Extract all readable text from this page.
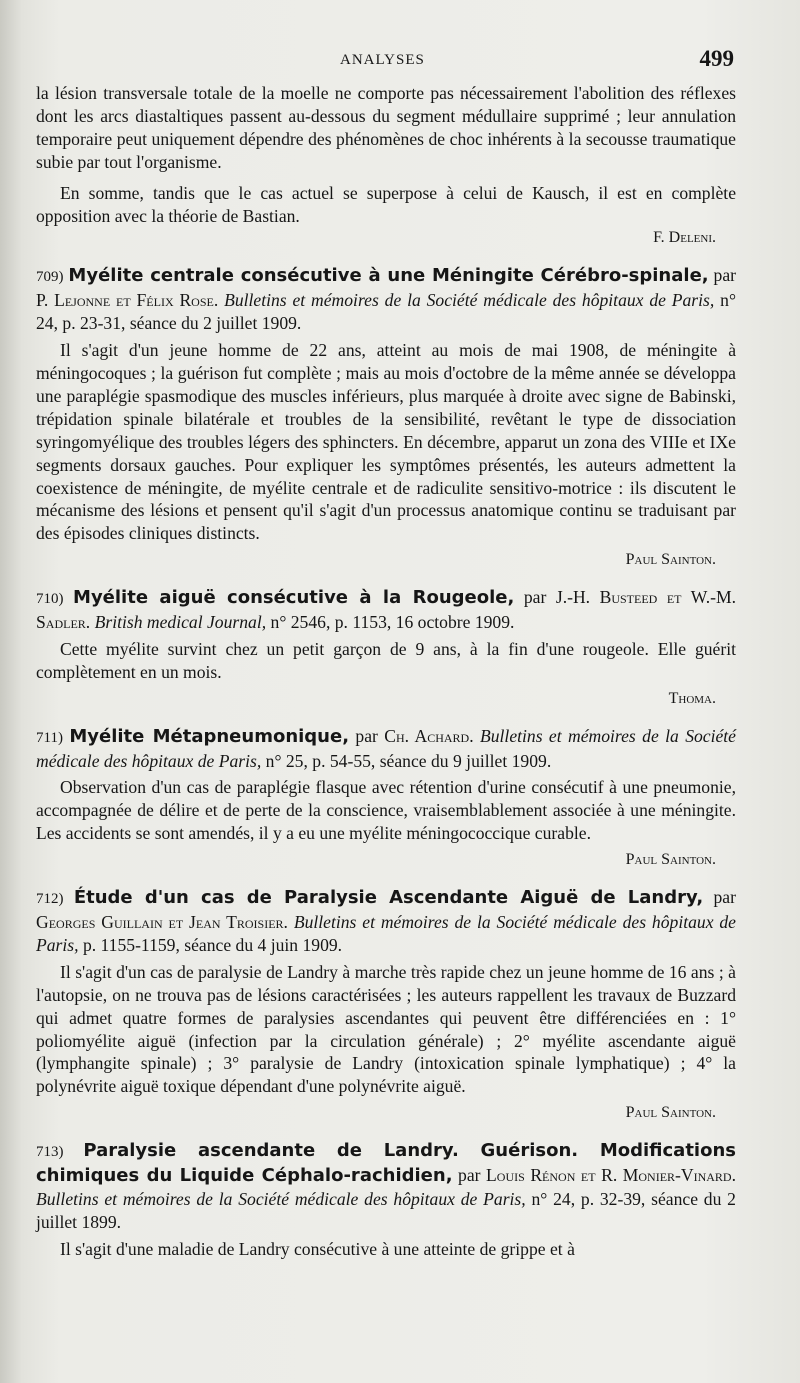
ANALYSES	499

la lésion transversale totale de la moelle ne comporte pas nécessairement l'abolition des réflexes dont les arcs diastaltiques passent au-dessous du segment médullaire supprimé ; leur annulation temporaire peut uniquement dépendre des phénomènes de choc inhérents à la secousse traumatique subie par tout l'organisme.

En somme, tandis que le cas actuel se superpose à celui de Kausch, il est en complète opposition avec la théorie de Bastian.

F. Deleni.

709) Myélite centrale consécutive à une Méningite Cérébro-spinale, par P. Lejonne et Félix Rose. Bulletins et mémoires de la Société médicale des hôpitaux de Paris, n° 24, p. 23-31, séance du 2 juillet 1909.

Il s'agit d'un jeune homme de 22 ans, atteint au mois de mai 1908, de méningite à méningocoques ; la guérison fut complète ; mais au mois d'octobre de la même année se développa une paraplégie spasmodique des muscles inférieurs, plus marquée à droite avec signe de Babinski, trépidation spinale bilatérale et troubles de la sensibilité, revêtant le type de dissociation syringomyélique des troubles légers des sphincters. En décembre, apparut un zona des VIIIe et IXe segments dorsaux gauches. Pour expliquer les symptômes présentés, les auteurs admettent la coexistence de méningite, de myélite centrale et de radiculite sensitivo-motrice : ils discutent le mécanisme des lésions et pensent qu'il s'agit d'un processus anatomique continu se traduisant par des épisodes cliniques distincts.

Paul Sainton.

710) Myélite aiguë consécutive à la Rougeole, par J.-H. Busteed et W.-M. Sadler. British medical Journal, n° 2546, p. 1153, 16 octobre 1909.

Cette myélite survint chez un petit garçon de 9 ans, à la fin d'une rougeole. Elle guérit complètement en un mois.

Thoma.

711) Myélite Métapneumonique, par Ch. Achard. Bulletins et mémoires de la Société médicale des hôpitaux de Paris, n° 25, p. 54-55, séance du 9 juillet 1909.

Observation d'un cas de paraplégie flasque avec rétention d'urine consécutif à une pneumonie, accompagnée de délire et de perte de la conscience, vraisemblablement associée à une méningite. Les accidents se sont amendés, il y a eu une myélite méningococcique curable.

Paul Sainton.

712) Étude d'un cas de Paralysie Ascendante Aiguë de Landry, par Georges Guillain et Jean Troisier. Bulletins et mémoires de la Société médicale des hôpitaux de Paris, p. 1155-1159, séance du 4 juin 1909.

Il s'agit d'un cas de paralysie de Landry à marche très rapide chez un jeune homme de 16 ans ; à l'autopsie, on ne trouva pas de lésions caractérisées ; les auteurs rappellent les travaux de Buzzard qui admet quatre formes de paralysies ascendantes qui peuvent être différenciées en : 1° poliomyélite aiguë (infection par la circulation générale) ; 2° myélite ascendante aiguë (lymphangite spinale) ; 3° paralysie de Landry (intoxication spinale lymphatique) ; 4° la polynévrite aiguë toxique dépendant d'une polynévrite aiguë.

Paul Sainton.

713) Paralysie ascendante de Landry. Guérison. Modifications chimiques du Liquide Céphalo-rachidien, par Louis Rénon et R. Monier-Vinard. Bulletins et mémoires de la Société médicale des hôpitaux de Paris, n° 24, p. 32-39, séance du 2 juillet 1899.

Il s'agit d'une maladie de Landry consécutive à une atteinte de grippe et à
